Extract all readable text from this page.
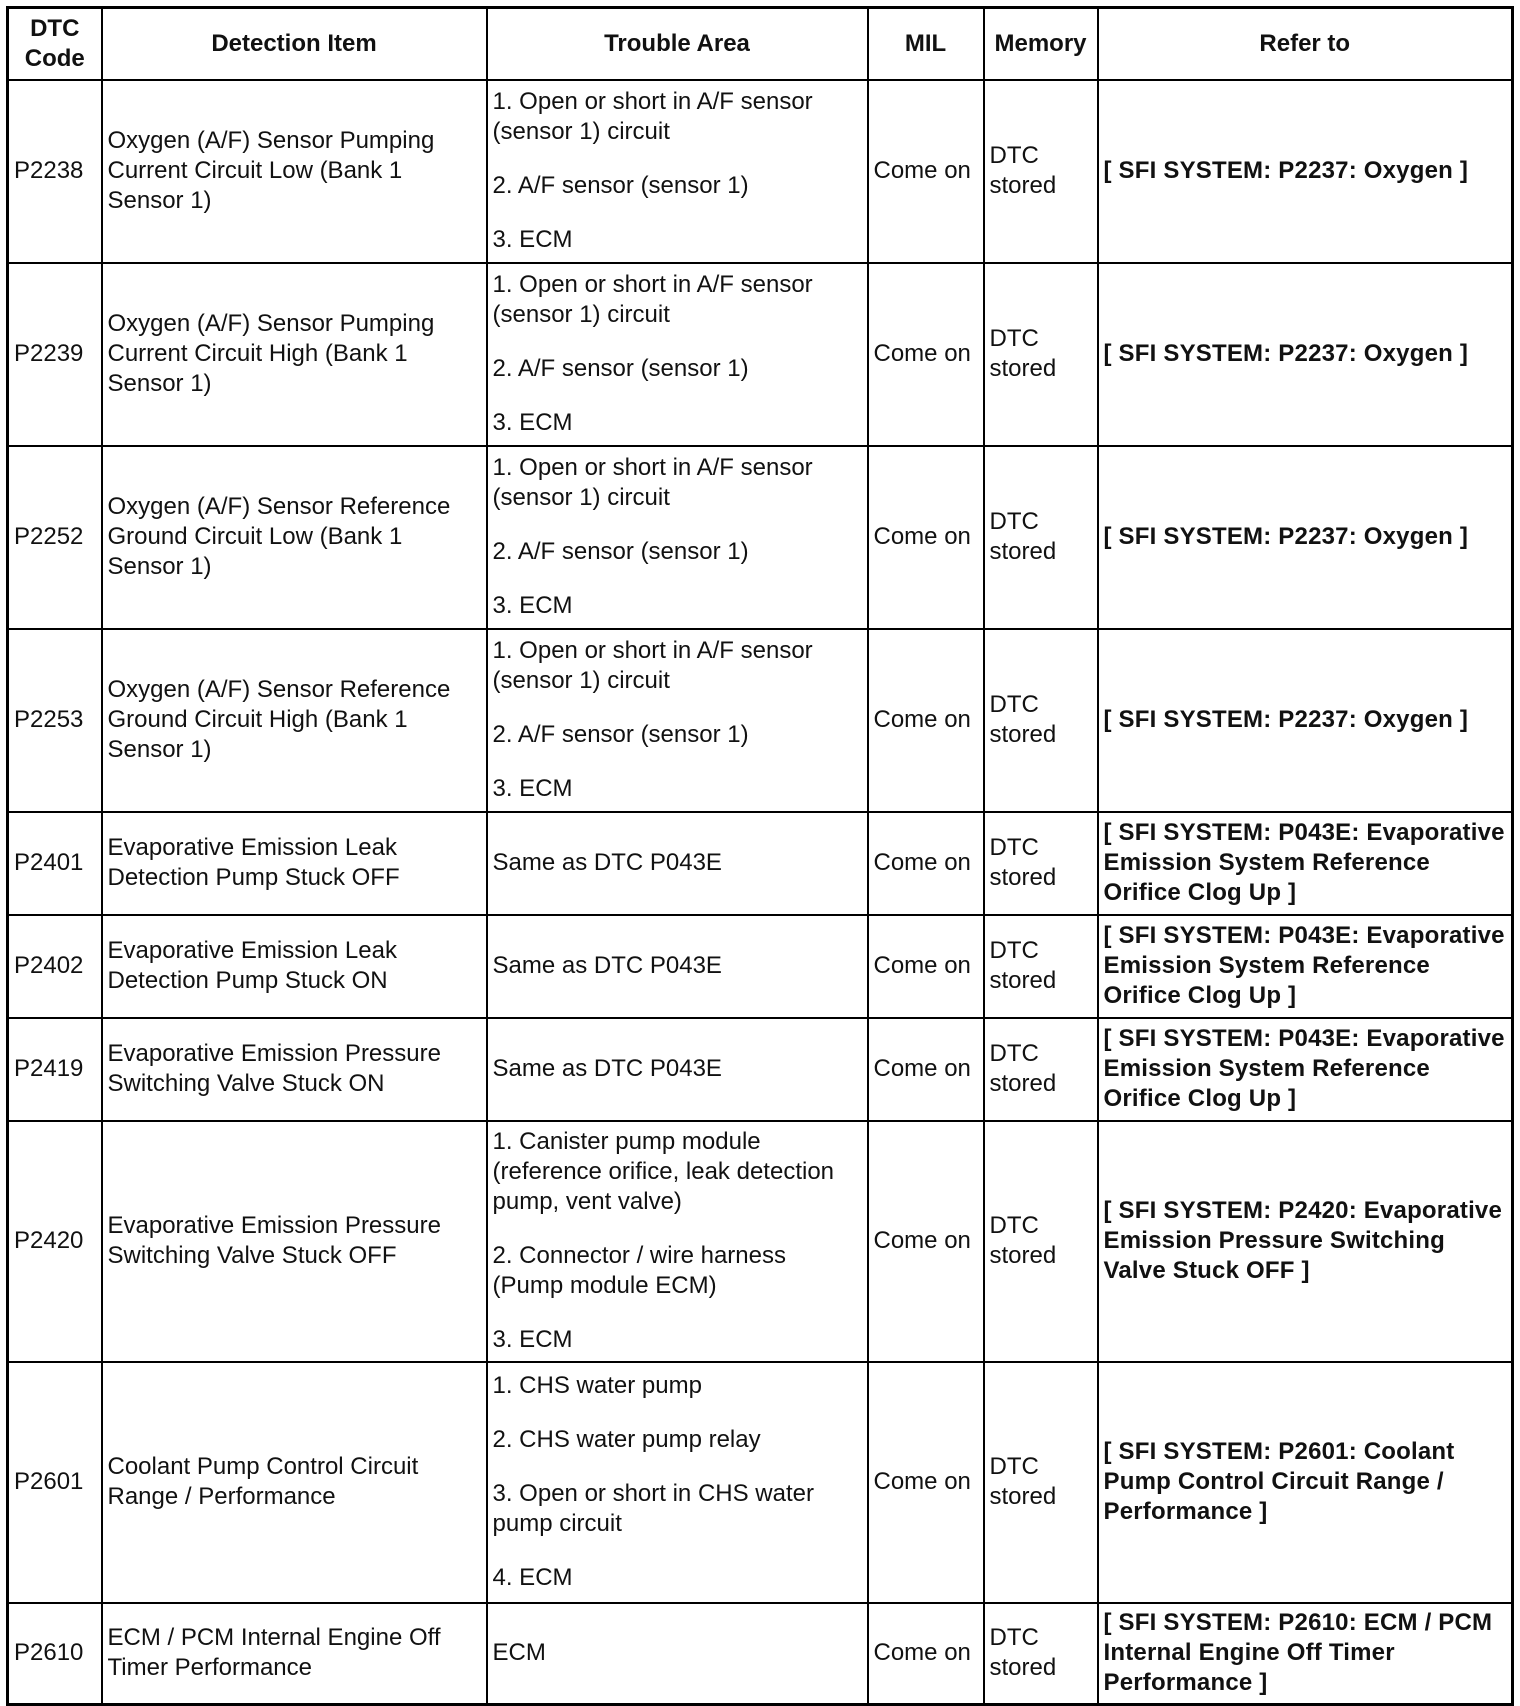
DTC
Code	Detection Item	Trouble Area	MIL	Memory	Refer to
P2238	Oxygen (A/F) Sensor Pumping Current Circuit Low (Bank 1 Sensor 1)	1. Open or short in A/F sensor (sensor 1) circuit
2. A/F sensor (sensor 1)
3. ECM	Come on	DTC stored	[ SFI SYSTEM: P2237: Oxygen ]
P2239	Oxygen (A/F) Sensor Pumping Current Circuit High (Bank 1 Sensor 1)	1. Open or short in A/F sensor (sensor 1) circuit
2. A/F sensor (sensor 1)
3. ECM	Come on	DTC stored	[ SFI SYSTEM: P2237: Oxygen ]
P2252	Oxygen (A/F) Sensor Reference Ground Circuit Low (Bank 1 Sensor 1)	1. Open or short in A/F sensor (sensor 1) circuit
2. A/F sensor (sensor 1)
3. ECM	Come on	DTC stored	[ SFI SYSTEM: P2237: Oxygen ]
P2253	Oxygen (A/F) Sensor Reference Ground Circuit High (Bank 1 Sensor 1)	1. Open or short in A/F sensor (sensor 1) circuit
2. A/F sensor (sensor 1)
3. ECM	Come on	DTC stored	[ SFI SYSTEM: P2237: Oxygen ]
P2401	Evaporative Emission Leak Detection Pump Stuck OFF	Same as DTC P043E	Come on	DTC stored	[ SFI SYSTEM: P043E: Evaporative Emission System Reference Orifice Clog Up ]
P2402	Evaporative Emission Leak Detection Pump Stuck ON	Same as DTC P043E	Come on	DTC stored	[ SFI SYSTEM: P043E: Evaporative Emission System Reference Orifice Clog Up ]
P2419	Evaporative Emission Pressure Switching Valve Stuck ON	Same as DTC P043E	Come on	DTC stored	[ SFI SYSTEM: P043E: Evaporative Emission System Reference Orifice Clog Up ]
P2420	Evaporative Emission Pressure Switching Valve Stuck OFF	1. Canister pump module (reference orifice, leak detection pump, vent valve)
2. Connector / wire harness (Pump module ECM)
3. ECM	Come on	DTC stored	[ SFI SYSTEM: P2420: Evaporative Emission Pressure Switching Valve Stuck OFF ]
P2601	Coolant Pump Control Circuit Range / Performance	1. CHS water pump
2. CHS water pump relay
3. Open or short in CHS water pump circuit
4. ECM	Come on	DTC stored	[ SFI SYSTEM: P2601: Coolant Pump Control Circuit Range / Performance ]
P2610	ECM / PCM Internal Engine Off Timer Performance	ECM	Come on	DTC stored	[ SFI SYSTEM: P2610: ECM / PCM Internal Engine Off Timer Performance ]
